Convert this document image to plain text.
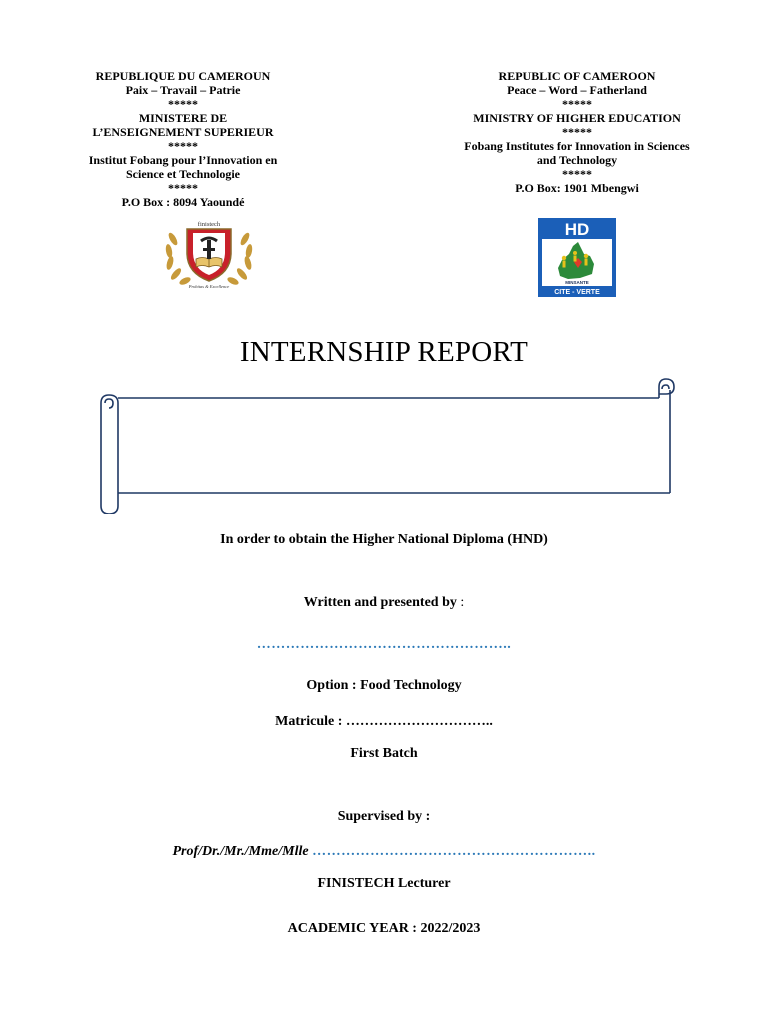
REPUBLIQUE DU CAMEROUN
Paix – Travail – Patrie
*****
MINISTERE DE
L’ENSEIGNEMENT SUPERIEUR
*****
Institut Fobang pour l’Innovation en
Science et Technologie
*****
P.O Box : 8094 Yaoundé
REPUBLIC OF CAMEROON
Peace – Word – Fatherland
*****
MINISTRY OF HIGHER EDUCATION
*****
Fobang Institutes for Innovation in Sciences
and Technology
*****
P.O Box: 1901 Mbengwi
finistech
Probitas & Excellence
HD
MINSANTE
CITE - VERTE
INTERNSHIP REPORT
In order to obtain the Higher National Diploma (HND)
Written and presented by :
……………………………………………..
Option : Food Technology
Matricule : …………………………..
First Batch
Supervised by :
Prof/Dr./Mr./Mme/Mlle …………………………………………………..
FINISTECH Lecturer
ACADEMIC YEAR : 2022/2023
